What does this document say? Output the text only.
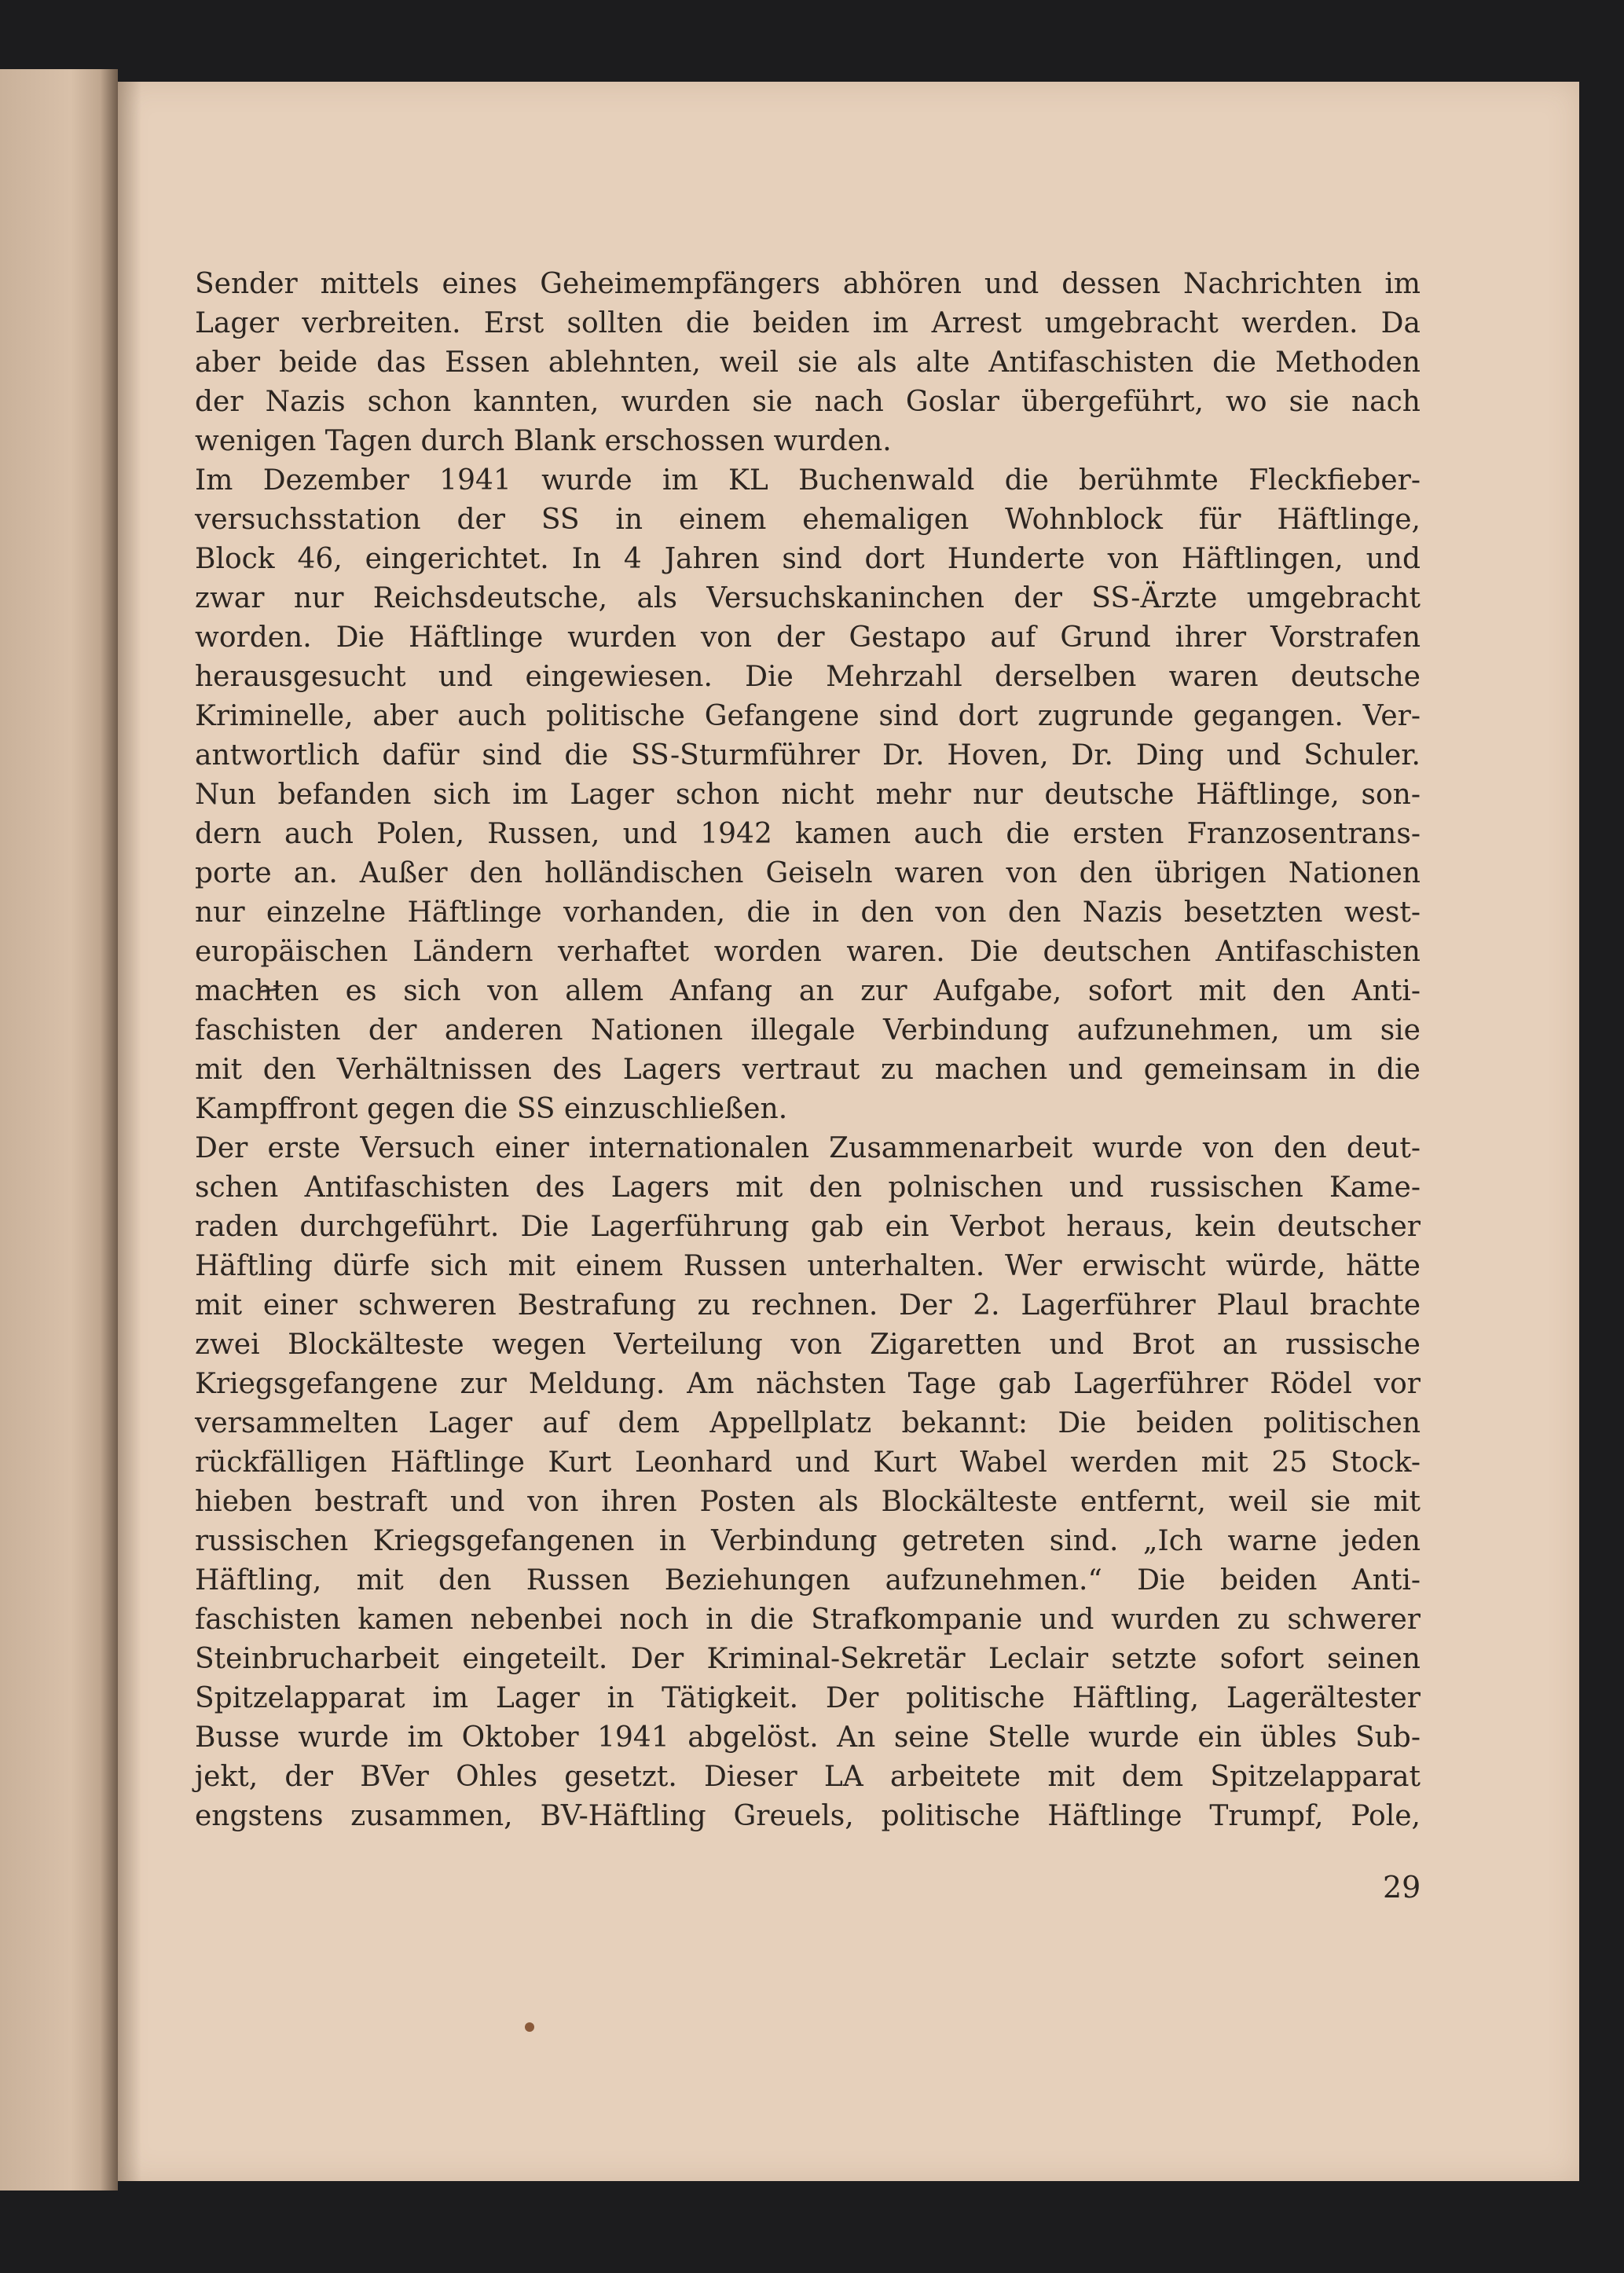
Sender mittels eines Geheimempfängers abhören und dessen Nachrichten im
Lager verbreiten. Erst sollten die beiden im Arrest umgebracht werden. Da
aber beide das Essen ablehnten, weil sie als alte Antifaschisten die Methoden
der Nazis schon kannten, wurden sie nach Goslar übergeführt, wo sie nach
wenigen Tagen durch Blank erschossen wurden.
Im Dezember 1941 wurde im KL Buchenwald die berühmte Fleckfieber-
versuchsstation der SS in einem ehemaligen Wohnblock für Häftlinge,
Block 46, eingerichtet. In 4 Jahren sind dort Hunderte von Häftlingen, und
zwar nur Reichsdeutsche, als Versuchskaninchen der SS-Ärzte umgebracht
worden. Die Häftlinge wurden von der Gestapo auf Grund ihrer Vorstrafen
herausgesucht und eingewiesen. Die Mehrzahl derselben waren deutsche
Kriminelle, aber auch politische Gefangene sind dort zugrunde gegangen. Ver-
antwortlich dafür sind die SS-Sturmführer Dr. Hoven, Dr. Ding und Schuler.
Nun befanden sich im Lager schon nicht mehr nur deutsche Häftlinge, son-
dern auch Polen, Russen, und 1942 kamen auch die ersten Franzosentrans-
porte an. Außer den holländischen Geiseln waren von den übrigen Nationen
nur einzelne Häftlinge vorhanden, die in den von den Nazis besetzten west-
europäischen Ländern verhaftet worden waren. Die deutschen Antifaschisten
machten es sich von allem Anfang an zur Aufgabe, sofort mit den Anti-
faschisten der anderen Nationen illegale Verbindung aufzunehmen, um sie
mit den Verhältnissen des Lagers vertraut zu machen und gemeinsam in die
Kampffront gegen die SS einzuschließen.
Der erste Versuch einer internationalen Zusammenarbeit wurde von den deut-
schen Antifaschisten des Lagers mit den polnischen und russischen Kame-
raden durchgeführt. Die Lagerführung gab ein Verbot heraus, kein deutscher
Häftling dürfe sich mit einem Russen unterhalten. Wer erwischt würde, hätte
mit einer schweren Bestrafung zu rechnen. Der 2. Lagerführer Plaul brachte
zwei Blockälteste wegen Verteilung von Zigaretten und Brot an russische
Kriegsgefangene zur Meldung. Am nächsten Tage gab Lagerführer Rödel vor
versammelten Lager auf dem Appellplatz bekannt: Die beiden politischen
rückfälligen Häftlinge Kurt Leonhard und Kurt Wabel werden mit 25 Stock-
hieben bestraft und von ihren Posten als Blockälteste entfernt, weil sie mit
russischen Kriegsgefangenen in Verbindung getreten sind. „Ich warne jeden
Häftling, mit den Russen Beziehungen aufzunehmen.“ Die beiden Anti-
faschisten kamen nebenbei noch in die Strafkompanie und wurden zu schwerer
Steinbrucharbeit eingeteilt. Der Kriminal-Sekretär Leclair setzte sofort seinen
Spitzelapparat im Lager in Tätigkeit. Der politische Häftling, Lagerältester
Busse wurde im Oktober 1941 abgelöst. An seine Stelle wurde ein übles Sub-
jekt, der BVer Ohles gesetzt. Dieser LA arbeitete mit dem Spitzelapparat
engstens zusammen, BV-Häftling Greuels, politische Häftlinge Trumpf, Pole,
29
